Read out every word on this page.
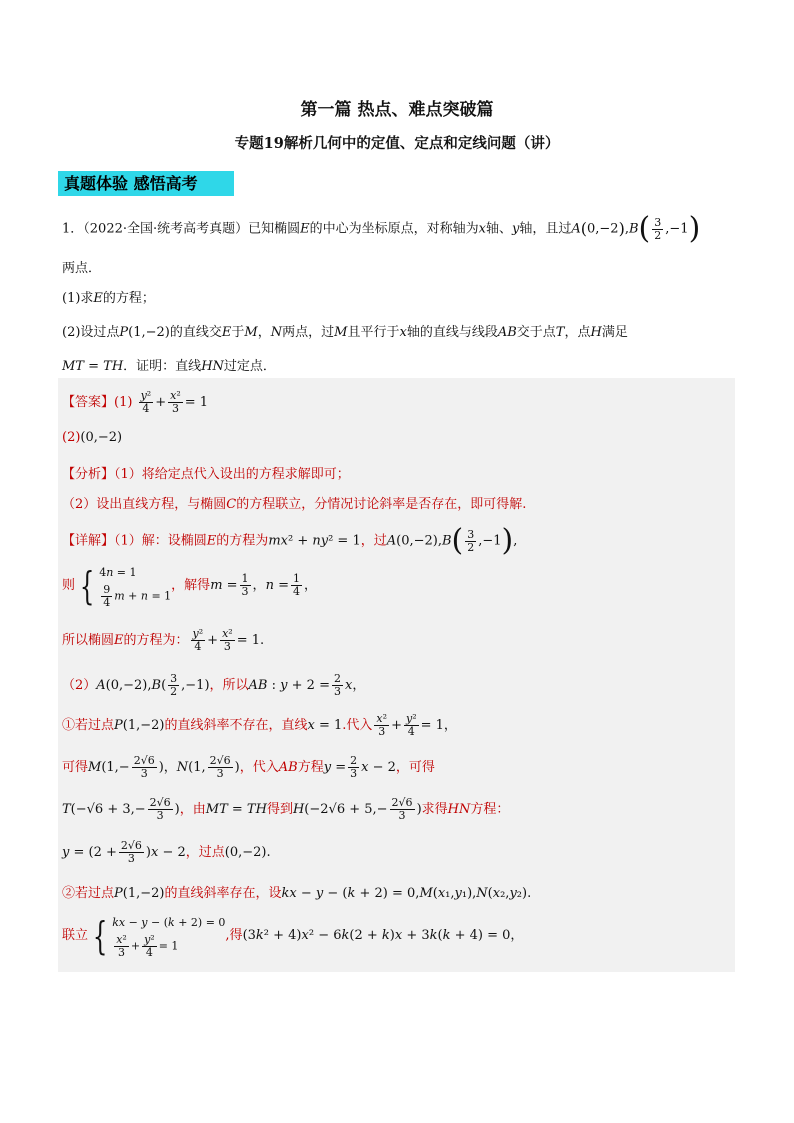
第一篇 热点、难点突破篇
专题19解析几何中的定值、定点和定线问题（讲）
真题体验 感悟高考
1．（2022·全国·统考高考真题）已知椭圆E的中心为坐标原点，对称轴为x轴、y轴，且过$A(0,-2),B( \frac{3}{2} ,-1)$
两点．
(1)求E的方程；
(2)设过点P(1,−2)的直线交E于M，N两点，过M且平行于x轴的直线与线段AB交于点T，点H满足
MT = TH．证明：直线HN过定点．
【答案】$(1) \frac{\text{y²}}{4} + \frac{\text{x²}}{3} = 1$
(2)(0,−2)
【分析】（1）将给定点代入设出的方程求解即可；
（2）设出直线方程，与椭圆C的方程联立，分情况讨论斜率是否存在，即可得解.
【详解】（1）解：设椭圆E的方程为mx² + ny² = 1，过$A(0,-2),B( \frac{3}{2} ,-1)$,
则 { 4n = 1
$\frac{9}{4}$ m + n = 1
，解得$m = \frac{1}{3}$ ，$n = \frac{1}{4}$ ，
所以椭圆E的方程为： $\frac{\text{y²}}{4} + \frac{\text{x²}}{3} = 1$.
$(2)A(0,-2),B( \frac{3}{2} ,-1)$，所以AB : $y + 2 = \frac{2}{3}$ x，
①若过点P(1,−2)的直线斜率不存在，直线x = 1.代入 $\frac{\text{x²}}{3} + \frac{\text{y²}}{4} = 1$，
可得$M(1,- \frac{2√6}{3}$ )，N(1, $\frac{2√6}{3}$ )，代入AB方程$y = \frac{2}{3}$ x − 2，可得
$T(-√6 + 3,- \frac{2√6}{3}$ )，由MT = TH得到$H(-2√6 + 5,- \frac{2√6}{3}$ )求得HN方程：
$y = (2 + \frac{2√6}{3} )x - 2$，过点(0,−2).
②若过点P(1,−2)的直线斜率存在，设kx − y − (k + 2) = 0,M(x₁,y₁),N(x₂,y₂).
联立 { kx − y − (k + 2) = 0
$\frac{\text{x²}}{3} + \frac{\text{y²}}{4} = 1$
,得(3k² + 4)x² − 6k(2 + k)x + 3k(k + 4) = 0，
